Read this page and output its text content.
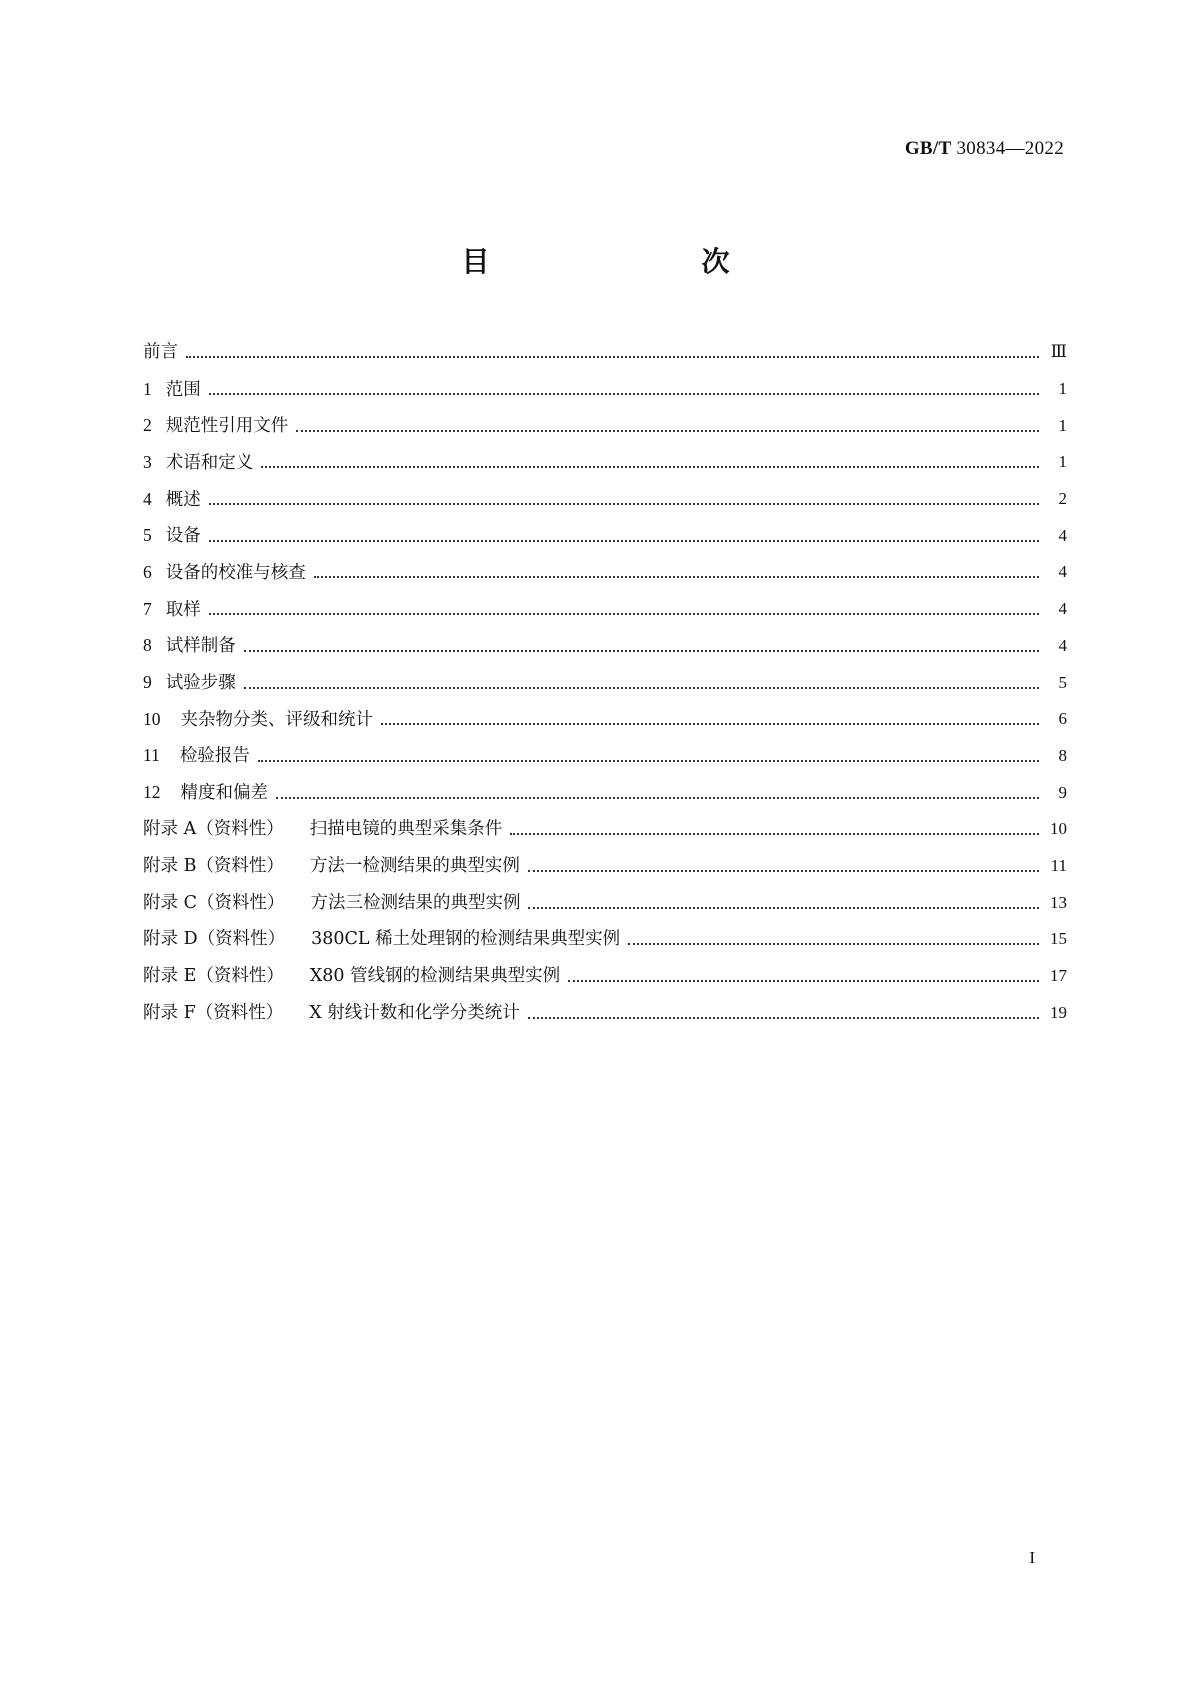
GB/T 30834—2022
目　　次
前言	Ⅲ
1 范围	1
2 规范性引用文件	1
3 术语和定义	1
4 概述	2
5 设备	4
6 设备的校准与核查	4
7 取样	4
8 试样制备	4
9 试验步骤	5
10 夹杂物分类、评级和统计	6
11 检验报告	8
12 精度和偏差	9
附录 A（资料性） 扫描电镜的典型采集条件	10
附录 B（资料性） 方法一检测结果的典型实例	11
附录 C（资料性） 方法三检测结果的典型实例	13
附录 D（资料性） 380CL 稀土处理钢的检测结果典型实例	15
附录 E（资料性） X80 管线钢的检测结果典型实例	17
附录 F（资料性） X 射线计数和化学分类统计	19
I
